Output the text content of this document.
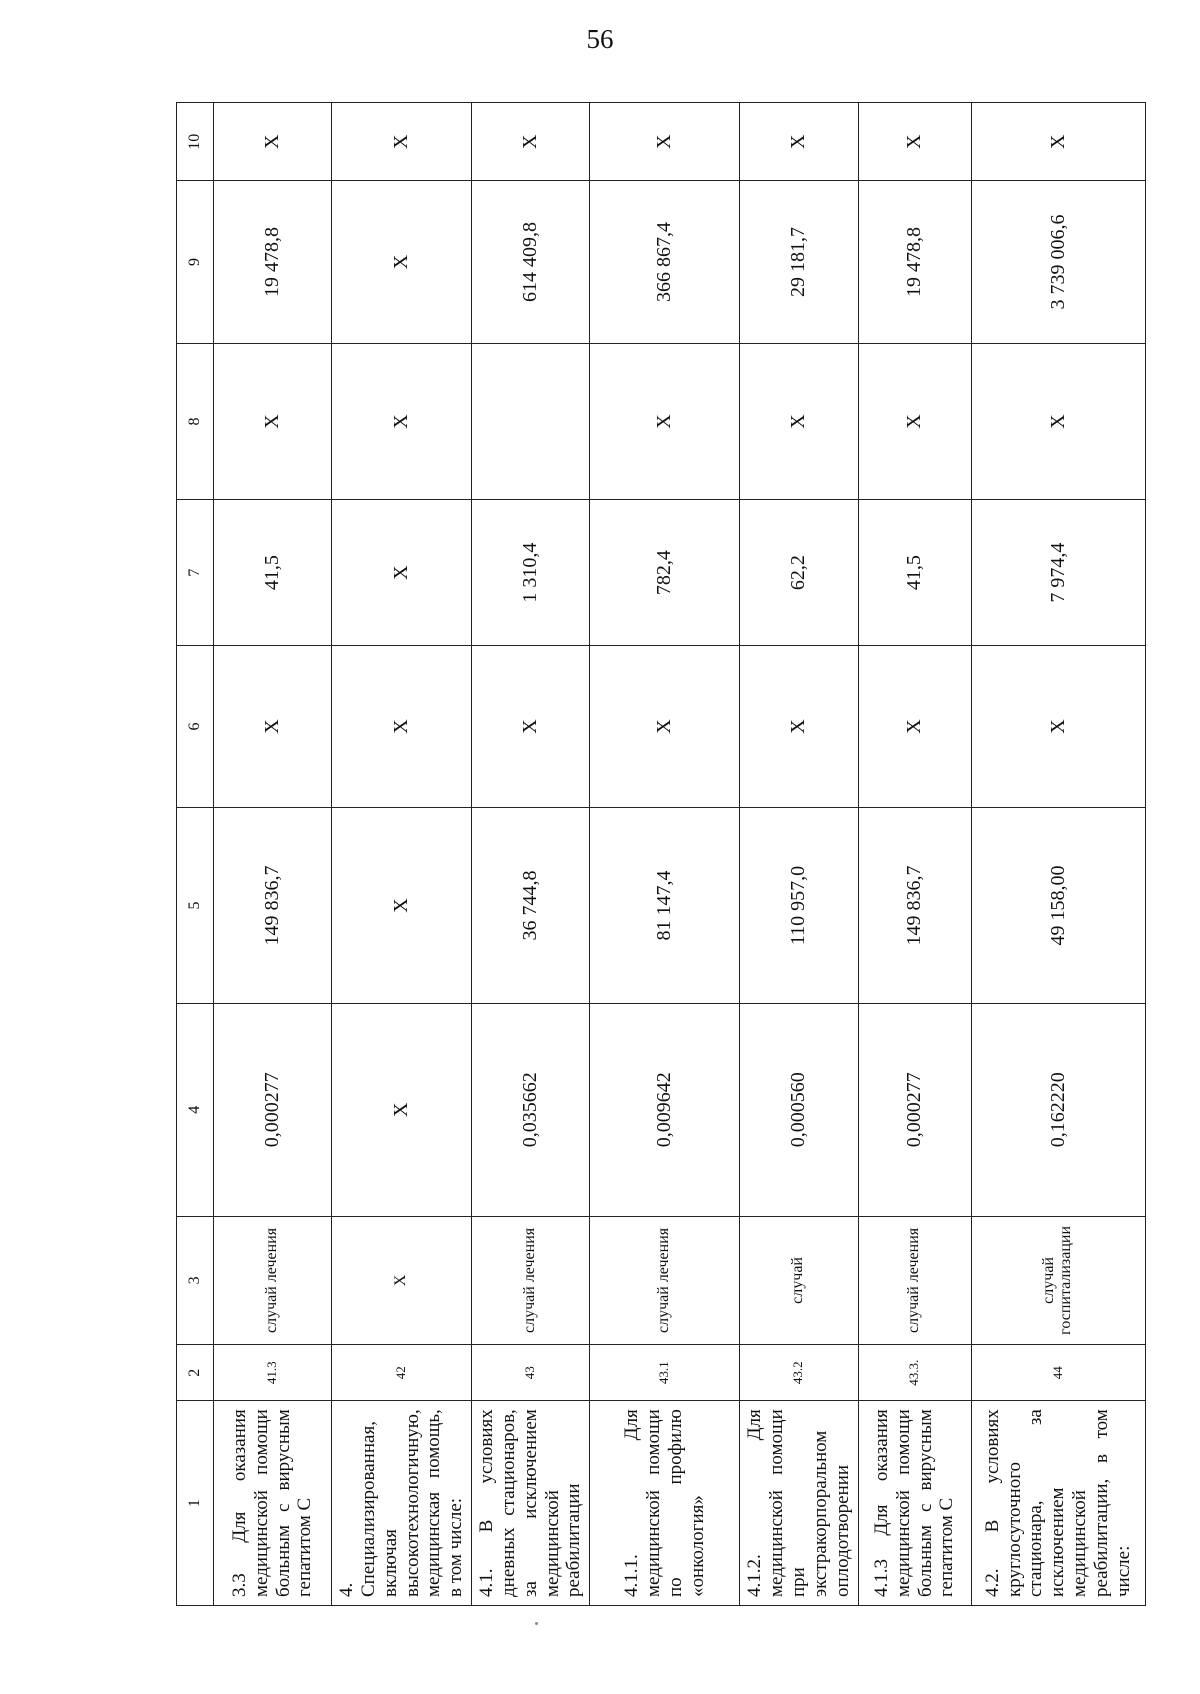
56
1	2	3	4	5	6	7	8	9	10
3.3 Для оказания медицинской помощи больным с вирусным гепатитом С	41.3	случай лечения	0,000277	149 836,7	X	41,5	X	19 478,8	X
4. Специализированная, включая высокотехнологичную, медицинская помощь, в том числе:	42	X	X	X	X	X	X	X	X
4.1. В условиях дневных стационаров, за исключением медицинской реабилитации	43	случай лечения	0,035662	36 744,8	X	1 310,4		614 409,8	X
4.1.1. Для медицинской помощи по профилю «онкология»	43.1	случай лечения	0,009642	81 147,4	X	782,4	X	366 867,4	X
4.1.2. Для медицинской помощи при экстракорпоральном оплодотворении	43.2	случай	0,000560	110 957,0	X	62,2	X	29 181,7	X
4.1.3 Для оказания медицинской помощи больным с вирусным гепатитом С	43.3.	случай лечения	0,000277	149 836,7	X	41,5	X	19 478,8	X
4.2. В условиях круглосуточного стационара, за исключением медицинской реабилитации, в том числе:	44	случай госпитализации	0,162220	49 158,00	X	7 974,4	X	3 739 006,6	X
